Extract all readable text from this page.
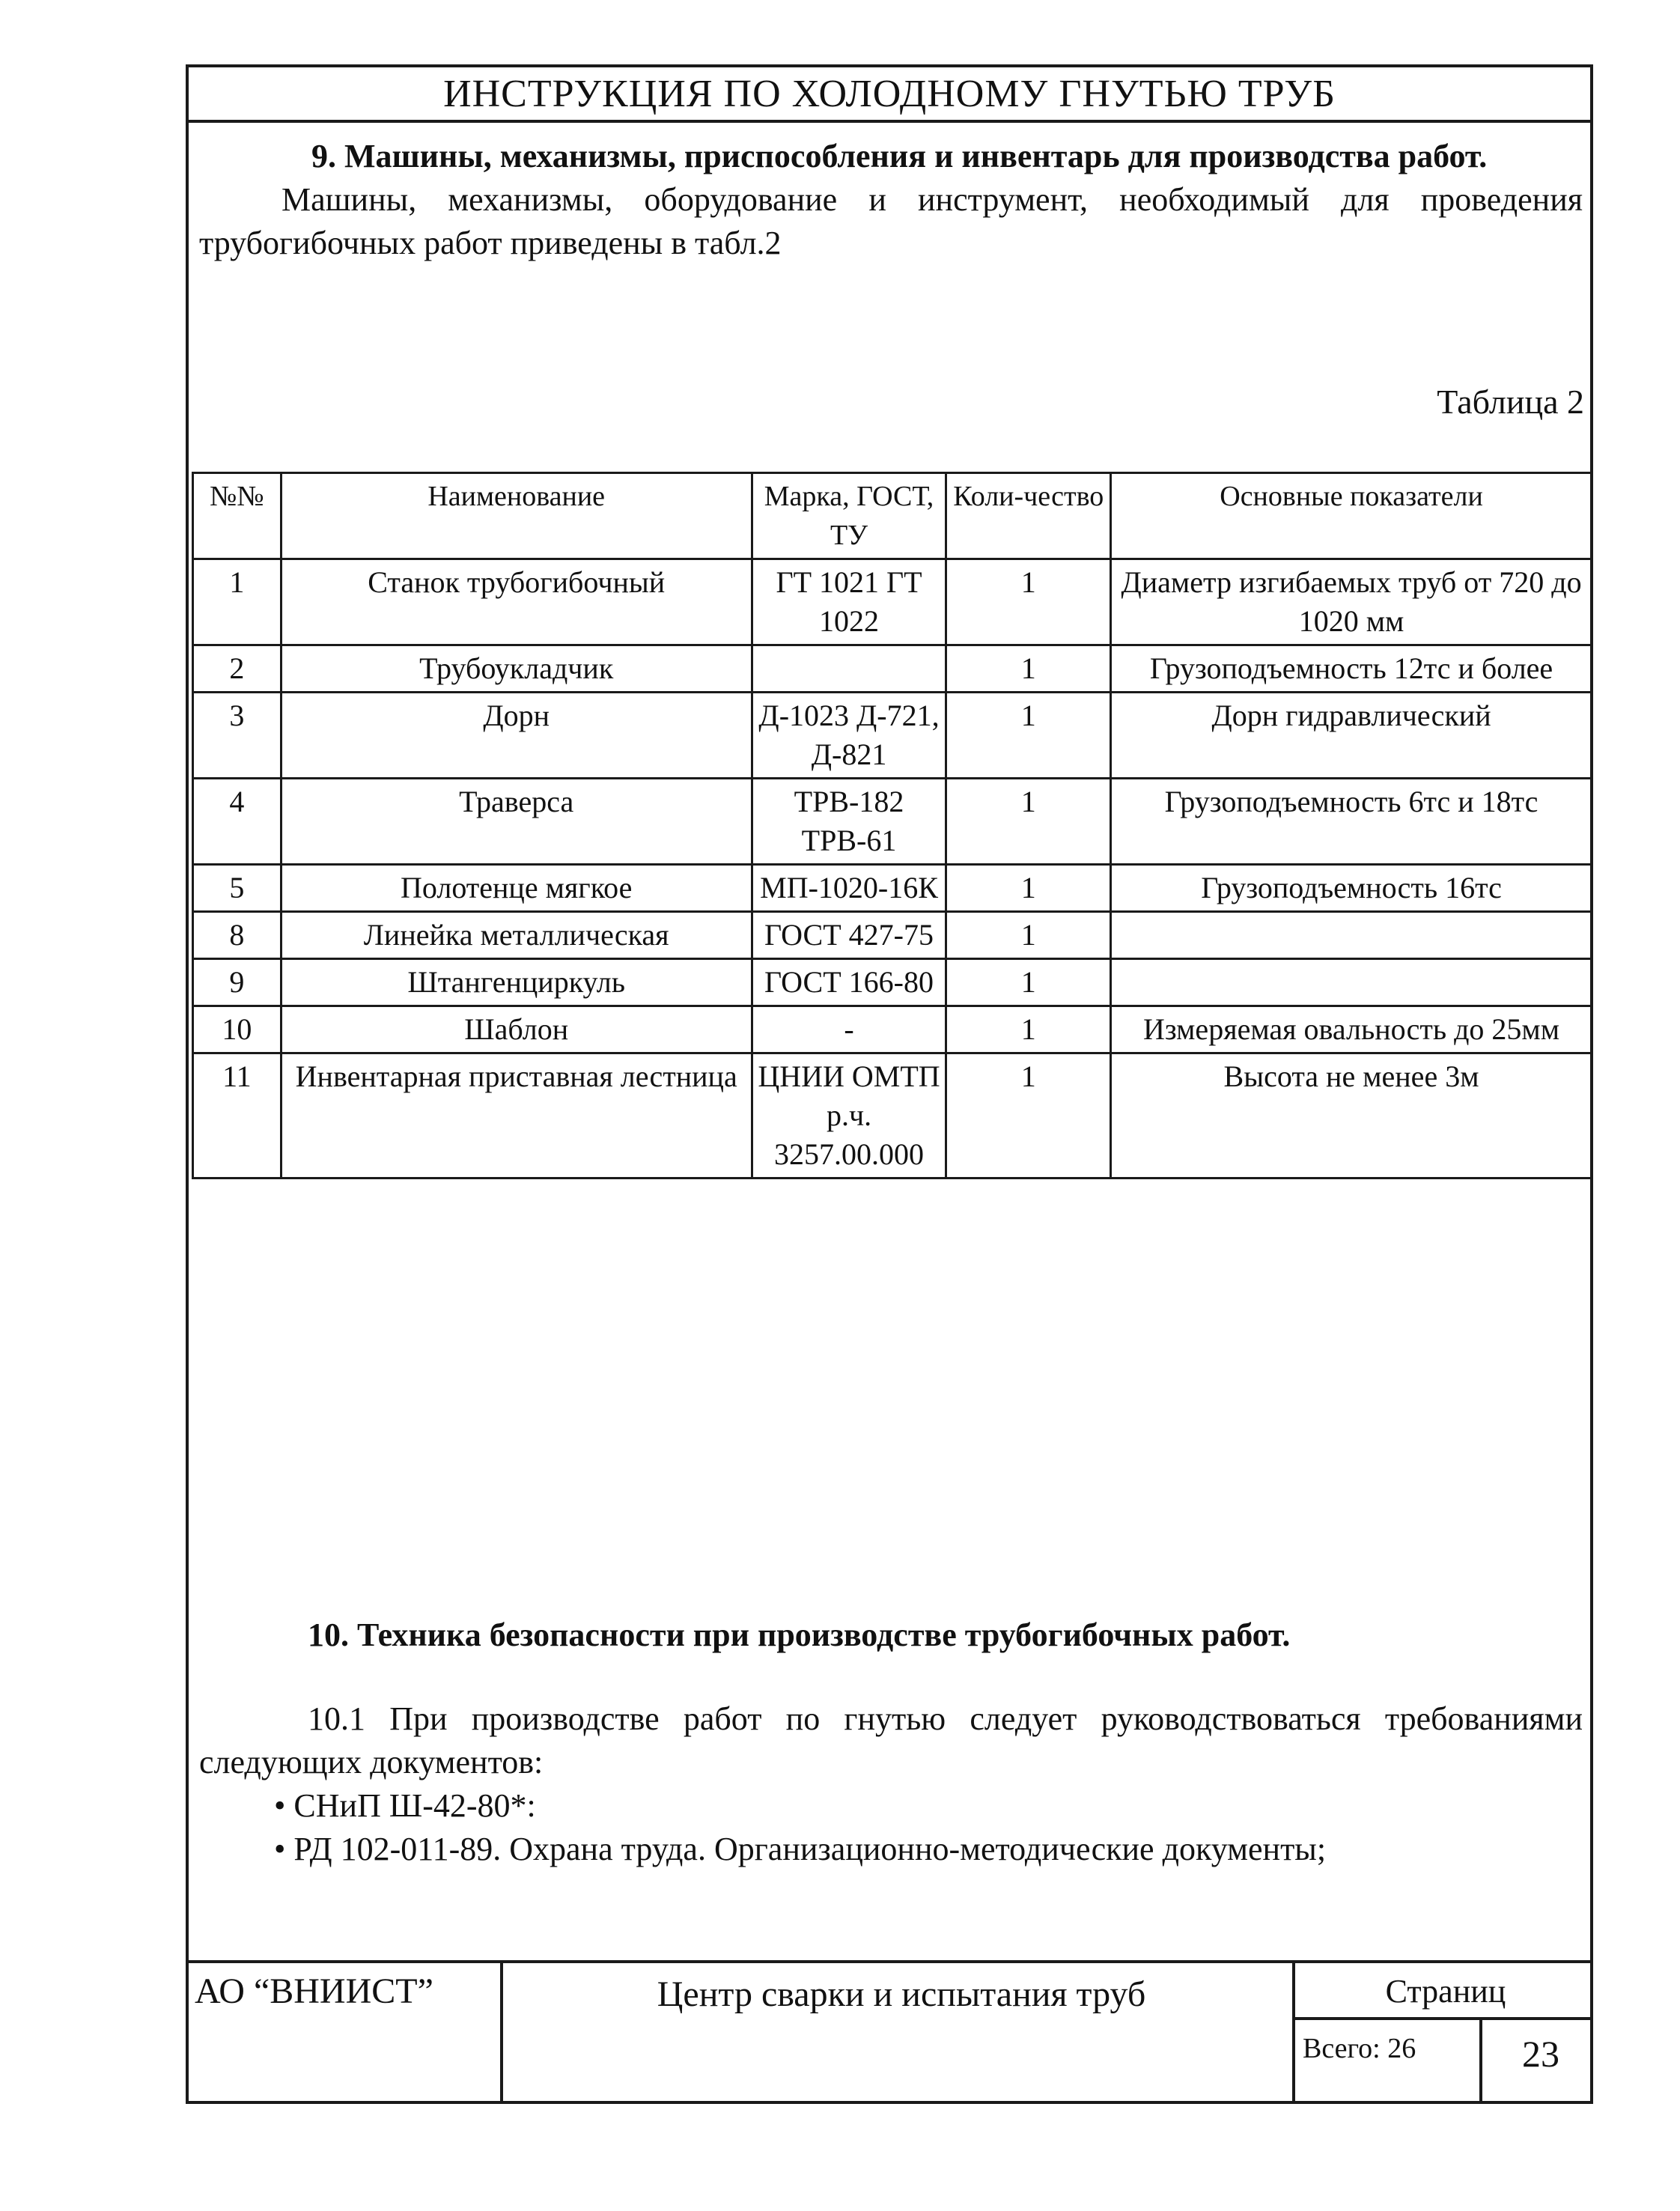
ИНСТРУКЦИЯ ПО ХОЛОДНОМУ ГНУТЬЮ ТРУБ
9. Машины, механизмы, приспособления и инвентарь для производства работ.
Машины, механизмы, оборудование и инструмент, необходимый для проведения трубогибочных работ приведены в табл.2
Таблица 2
№№	Наименование	Марка, ГОСТ, ТУ	Коли-чество	Основные показатели
1	Станок трубогибочный	ГТ 1021 ГТ 1022	1	Диаметр изгибаемых труб от 720 до 1020 мм
2	Трубоукладчик		1	Грузоподъемность 12тс и более
3	Дорн	Д-1023 Д-721, Д-821	1	Дорн гидравлический
4	Траверса	ТРВ-182 ТРВ-61	1	Грузоподъемность 6тс и 18тс
5	Полотенце мягкое	МП-1020-16К	1	Грузоподъемность 16тс
8	Линейка металлическая	ГОСТ 427-75	1	
9	Штангенциркуль	ГОСТ 166-80	1	
10	Шаблон	-	1	Измеряемая овальность до 25мм
11	Инвентарная приставная лестница	ЦНИИ ОМТП р.ч. 3257.00.000	1	Высота не менее 3м
10. Техника безопасности при производстве трубогибочных работ.
10.1 При производстве работ по гнутью следует руководствоваться требованиями следующих документов:
• СНиП Ш-42-80*:
• РД 102-011-89. Охрана труда. Организационно-методические документы;
АО “ВНИИСТ”	Центр сварки и испытания труб	Страниц
Всего: 26	23
